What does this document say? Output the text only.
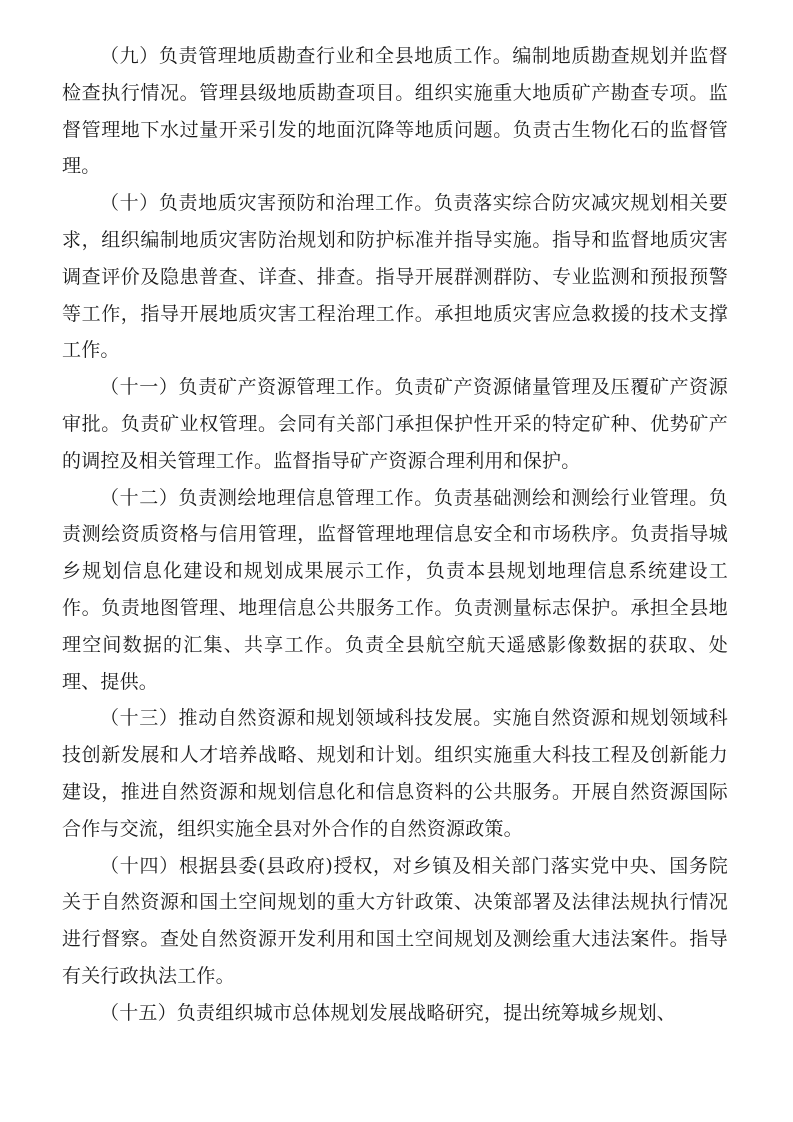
（九）负责管理地质勘查行业和全县地质工作。编制地质勘查规划并监督检查执行情况。管理县级地质勘查项目。组织实施重大地质矿产勘查专项。监督管理地下水过量开采引发的地面沉降等地质问题。负责古生物化石的监督管理。

（十）负责地质灾害预防和治理工作。负责落实综合防灾减灾规划相关要求，组织编制地质灾害防治规划和防护标准并指导实施。指导和监督地质灾害调查评价及隐患普查、详查、排查。指导开展群测群防、专业监测和预报预警等工作，指导开展地质灾害工程治理工作。承担地质灾害应急救援的技术支撑工作。

（十一）负责矿产资源管理工作。负责矿产资源储量管理及压覆矿产资源审批。负责矿业权管理。会同有关部门承担保护性开采的特定矿种、优势矿产的调控及相关管理工作。监督指导矿产资源合理利用和保护。

（十二）负责测绘地理信息管理工作。负责基础测绘和测绘行业管理。负责测绘资质资格与信用管理，监督管理地理信息安全和市场秩序。负责指导城乡规划信息化建设和规划成果展示工作，负责本县规划地理信息系统建设工作。负责地图管理、地理信息公共服务工作。负责测量标志保护。承担全县地理空间数据的汇集、共享工作。负责全县航空航天遥感影像数据的获取、处理、提供。

（十三）推动自然资源和规划领域科技发展。实施自然资源和规划领域科技创新发展和人才培养战略、规划和计划。组织实施重大科技工程及创新能力建设，推进自然资源和规划信息化和信息资料的公共服务。开展自然资源国际合作与交流，组织实施全县对外合作的自然资源政策。

（十四）根据县委(县政府)授权，对乡镇及相关部门落实党中央、国务院关于自然资源和国土空间规划的重大方针政策、决策部署及法律法规执行情况进行督察。查处自然资源开发利用和国土空间规划及测绘重大违法案件。指导有关行政执法工作。

（十五）负责组织城市总体规划发展战略研究，提出统筹城乡规划、
